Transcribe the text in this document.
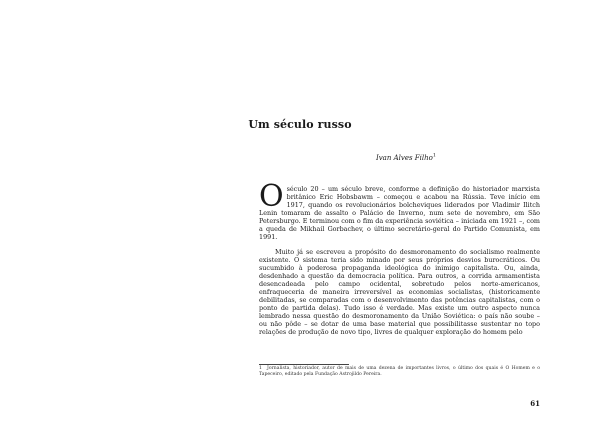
Um século russo
Ivan Alves Filho$^1$

Oséculo 20 – um século breve, conforme a definição do historiador marxista britânico Eric Hobsbawm – começou e acabou na Rússia. Teve início em 1917, quando os revolucionários bolcheviques liderados por Vladimir Ilitch Lenin tomaram de assalto o Palácio de Inverno, num sete de novembro, em São Petersburgo. E terminou com o fim da experiência soviética – iniciada em 1921 –, com a queda de Mikhail Gorbachev, o último secretário-geral do Partido Comunista, em 1991.

Muito já se escreveu a propósito do desmoronamento do socialismo realmente existente. O sistema teria sido minado por seus próprios desvios burocráticos. Ou sucumbido à poderosa propaganda ideológica do inimigo capitalista. Ou, ainda, desdenhado a questão da democracia política. Para outros, a corrida armamentista desencadeada pelo campo ocidental, sobretudo pelos norte-americanos, enfraqueceria de maneira irreversível as economias socialistas, (historicamente debilitadas, se comparadas com o desenvolvimento das potências capitalistas, com o ponto de partida delas). Tudo isso é verdade. Mas existe um outro aspecto nunca lembrado nessa questão do desmoronamento da União Soviética: o país não soube – ou não pôde – se dotar de uma base material que possibilitasse sustentar no topo relações de produção de novo tipo, livres de qualquer exploração do homem pelo

1 Jornalista, historiador, autor de mais de uma dezena de importantes livros, o último dos quais é O Homem e o Tapeceiro, editado pela Fundação Astrojildo Pereira.
61
